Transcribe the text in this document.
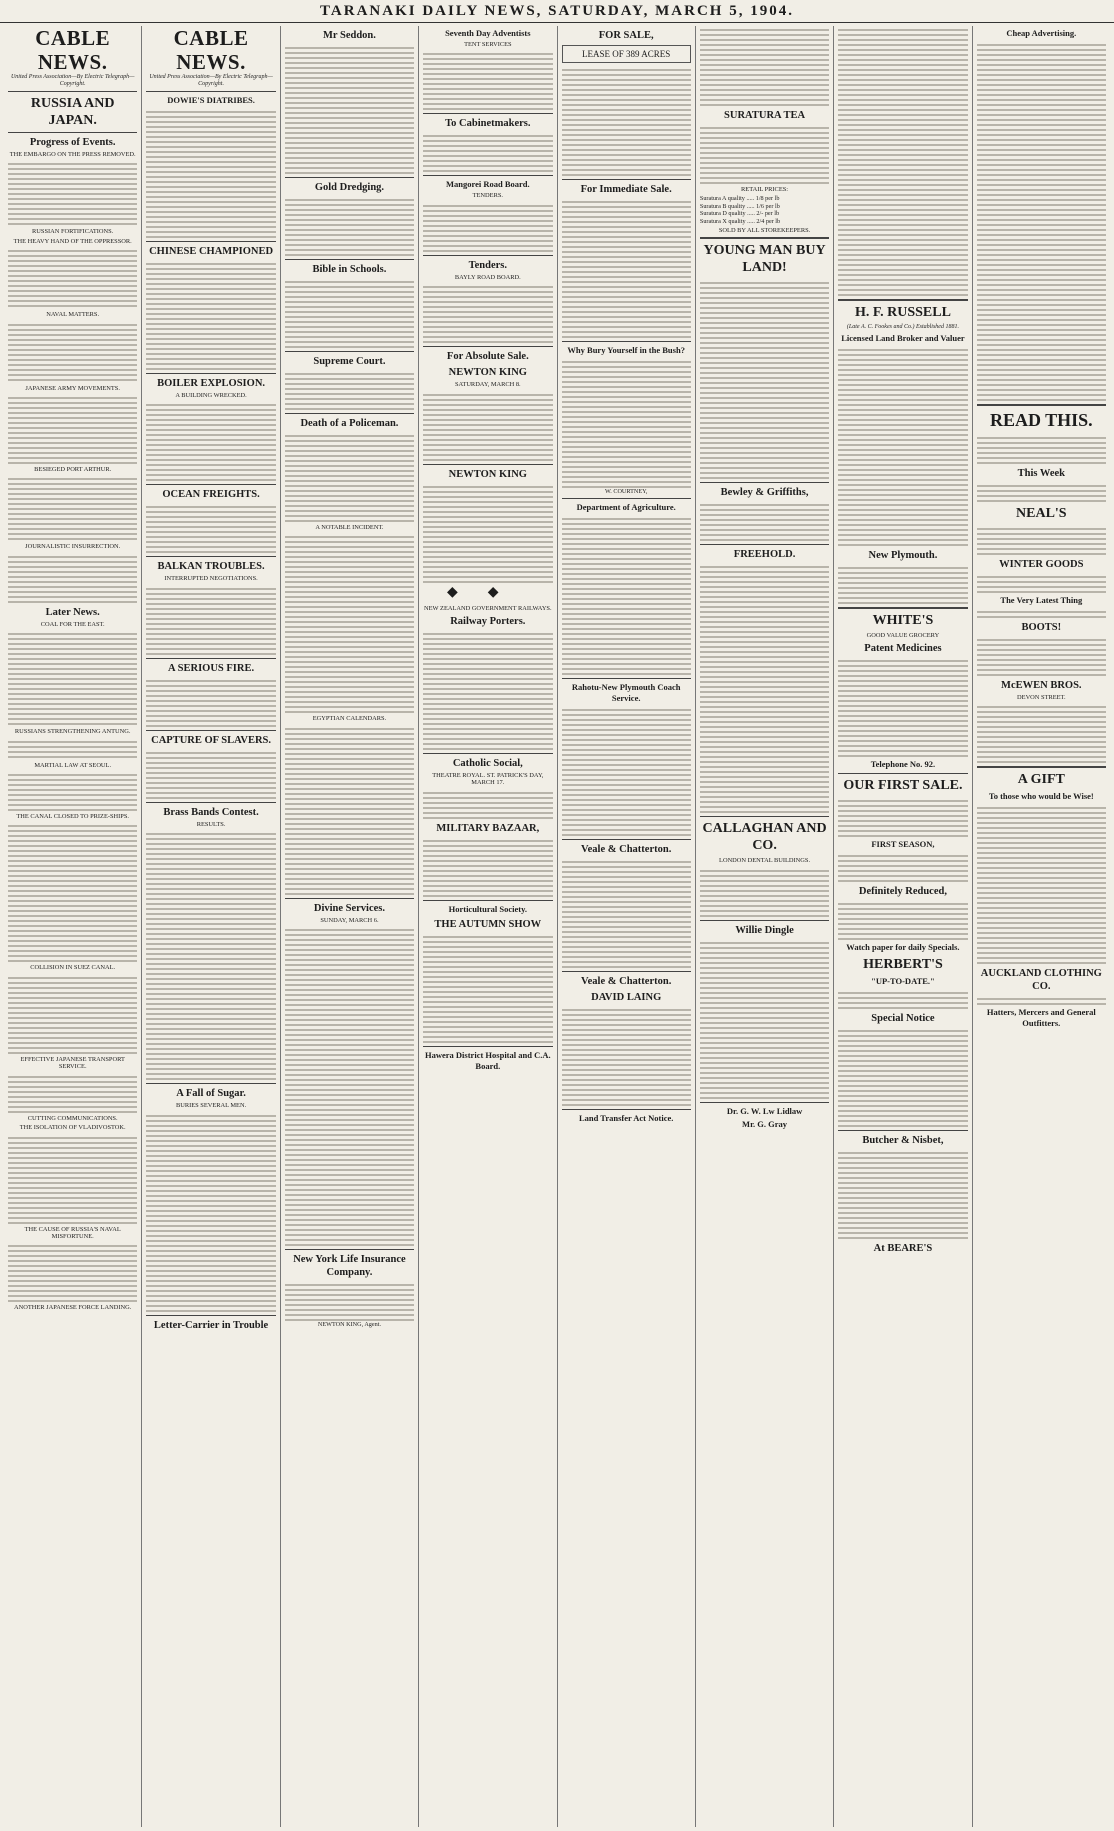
TARANAKI DAILY NEWS, SATURDAY, MARCH 5, 1904.
CABLE NEWS.
United Press Association—By Electric Telegraph—Copyright.
RUSSIA AND JAPAN.
Progress of Events.
THE EMBARGO ON THE PRESS REMOVED.
RUSSIAN FORTIFICATIONS.
THE HEAVY HAND OF THE OPPRESSOR.
NAVAL MATTERS.
JAPANESE ARMY MOVEMENTS.
BESIEGED PORT ARTHUR.
JOURNALISTIC INSURRECTION.
Later News.
COAL FOR THE EAST.
RUSSIANS STRENGTHENING ANTUNG.
MARTIAL LAW AT SEOUL.
THE CANAL CLOSED TO PRIZE-SHIPS.
COLLISION IN SUEZ CANAL.
EFFECTIVE JAPANESE TRANSPORT SERVICE.
CUTTING COMMUNICATIONS.
THE ISOLATION OF VLADIVOSTOK.
THE CAUSE OF RUSSIA'S NAVAL MISFORTUNE.
ANOTHER JAPANESE FORCE LANDING.
CABLE NEWS.
United Press Association—By Electric Telegraph—Copyright.
DOWIE'S DIATRIBES.
CHINESE CHAMPIONED
BOILER EXPLOSION.
A BUILDING WRECKED.
OCEAN FREIGHTS.
BALKAN TROUBLES.
INTERRUPTED NEGOTIATIONS.
A SERIOUS FIRE.
CAPTURE OF SLAVERS.
Brass Bands Contest.
RESULTS.
A Fall of Sugar.
BURIES SEVERAL MEN.
Letter-Carrier in Trouble
Mr Seddon.
Gold Dredging.
Bible in Schools.
Supreme Court.
Death of a Policeman.
A NOTABLE INCIDENT.
EGYPTIAN CALENDARS.
Divine Services.
SUNDAY, MARCH 6.
New York Life Insurance Company.
NEWTON KING, Agent.
Seventh Day Adventists
TENT SERVICES
To Cabinetmakers.
Mangorei Road Board.
TENDERS.
Tenders.
BAYLY ROAD BOARD.
For Absolute Sale.
NEWTON KING
SATURDAY, MARCH 8.
NEWTON KING
◆◆
NEW ZEALAND GOVERNMENT RAILWAYS.
Railway Porters.
Catholic Social,
THEATRE ROYAL. ST. PATRICK'S DAY, MARCH 17.
MILITARY BAZAAR,
Horticultural Society.
THE AUTUMN SHOW
Hawera District Hospital and C.A. Board.
FOR SALE,
LEASE OF 389 ACRES
For Immediate Sale.
Why Bury Yourself in the Bush?
W. COURTNEY,
Department of Agriculture.
Rahotu-New Plymouth Coach Service.
Veale & Chatterton.
Veale & Chatterton.
DAVID LAING
Land Transfer Act Notice.
SURATURA TEA
RETAIL PRICES:
Suratura A quality ..... 1/8 per lb
Suratura B quality ..... 1/6 per lb
Suratura D quality ..... 2/- per lb
Suratura X quality ..... 2/4 per lb
SOLD BY ALL STOREKEEPERS.
YOUNG MAN BUY LAND!
Bewley & Griffiths,
FREEHOLD.
CALLAGHAN AND CO.
LONDON DENTAL BUILDINGS.
Willie Dingle
Dr. G. W. Lw Lidlaw
Mr. G. Gray
H. F. RUSSELL
(Late A. C. Fookes and Co.) Established 1881.
Licensed Land Broker and Valuer
New Plymouth.
WHITE'S
GOOD VALUE GROCERY
Patent Medicines
Telephone No. 92.
OUR FIRST SALE.
FIRST SEASON,
Definitely Reduced,
Watch paper for daily Specials.
HERBERT'S
"UP-TO-DATE."
Special Notice
Butcher & Nisbet,
At BEARE'S
Cheap Advertising.
READ THIS.
This Week
NEAL'S
WINTER GOODS
The Very Latest Thing
BOOTS!
McEWEN BROS.
DEVON STREET.
A GIFT
To those who would be Wise!
AUCKLAND CLOTHING CO.
Hatters, Mercers and General Outfitters.
